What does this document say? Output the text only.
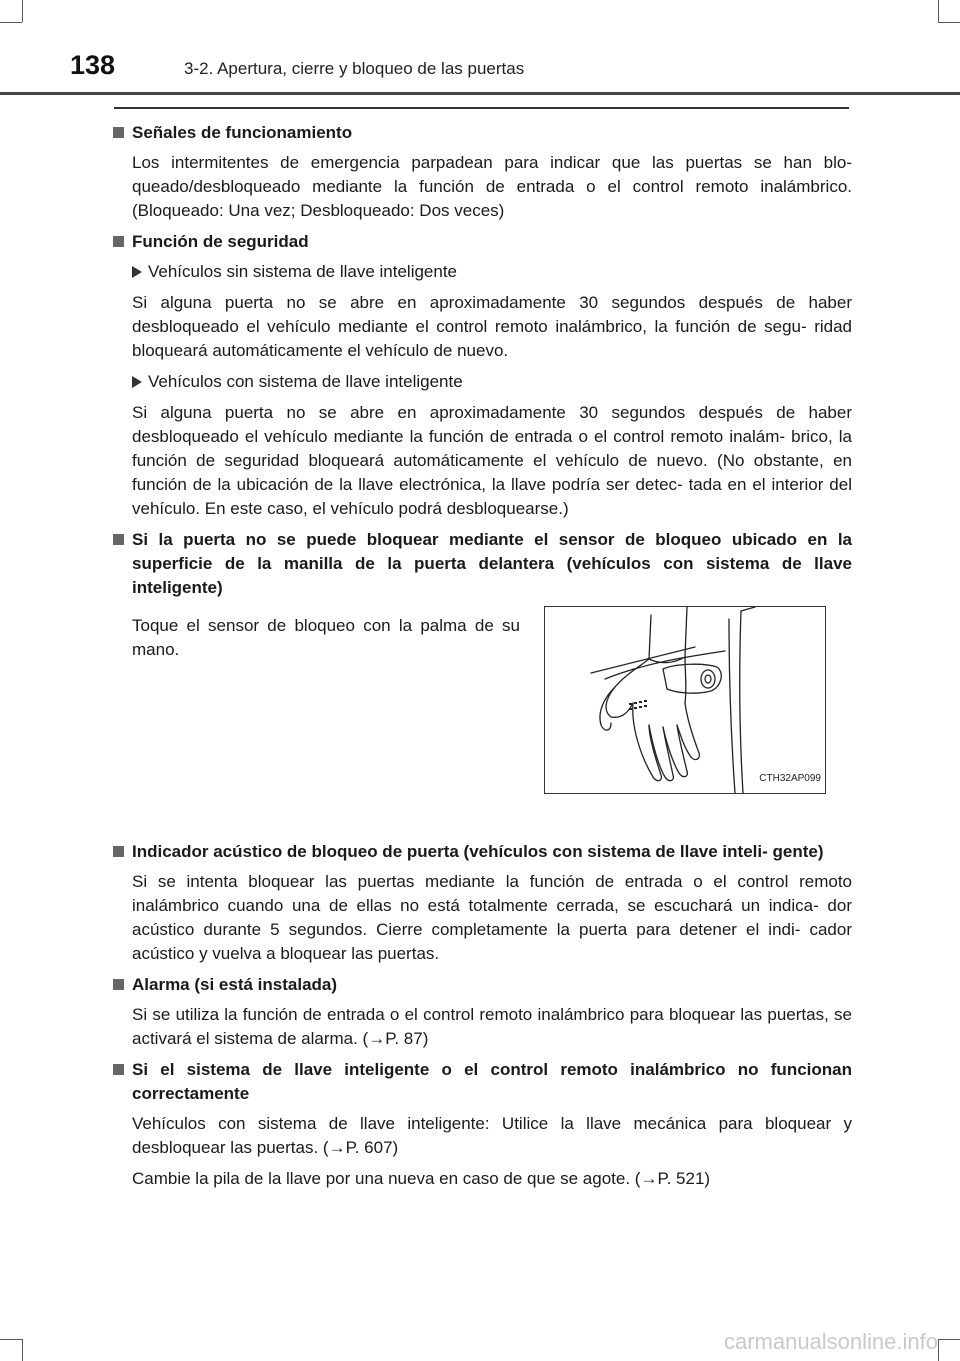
138	3-2. Apertura, cierre y bloqueo de las puertas
Señales de funcionamiento
Los intermitentes de emergencia parpadean para indicar que las puertas se han blo- queado/desbloqueado mediante la función de entrada o el control remoto inalámbrico. (Bloqueado: Una vez; Desbloqueado: Dos veces)
Función de seguridad
Vehículos sin sistema de llave inteligente
Si alguna puerta no se abre en aproximadamente 30 segundos después de haber desbloqueado el vehículo mediante el control remoto inalámbrico, la función de segu- ridad bloqueará automáticamente el vehículo de nuevo.
Vehículos con sistema de llave inteligente
Si alguna puerta no se abre en aproximadamente 30 segundos después de haber desbloqueado el vehículo mediante la función de entrada o el control remoto inalám- brico, la función de seguridad bloqueará automáticamente el vehículo de nuevo. (No obstante, en función de la ubicación de la llave electrónica, la llave podría ser detec- tada en el interior del vehículo. En este caso, el vehículo podrá desbloquearse.)
Si la puerta no se puede bloquear mediante el sensor de bloqueo ubicado en la superficie de la manilla de la puerta delantera (vehículos con sistema de llave inteligente)
Toque el sensor de bloqueo con la palma de su mano.
CTH32AP099
Indicador acústico de bloqueo de puerta (vehículos con sistema de llave inteli- gente)
Si se intenta bloquear las puertas mediante la función de entrada o el control remoto inalámbrico cuando una de ellas no está totalmente cerrada, se escuchará un indica- dor acústico durante 5 segundos. Cierre completamente la puerta para detener el indi- cador acústico y vuelva a bloquear las puertas.
Alarma (si está instalada)
Si se utiliza la función de entrada o el control remoto inalámbrico para bloquear las puertas, se activará el sistema de alarma. (→P. 87)
Si el sistema de llave inteligente o el control remoto inalámbrico no funcionan correctamente
Vehículos con sistema de llave inteligente: Utilice la llave mecánica para bloquear y desbloquear las puertas. (→P. 607)
Cambie la pila de la llave por una nueva en caso de que se agote. (→P. 521)
carmanualsonline.info
